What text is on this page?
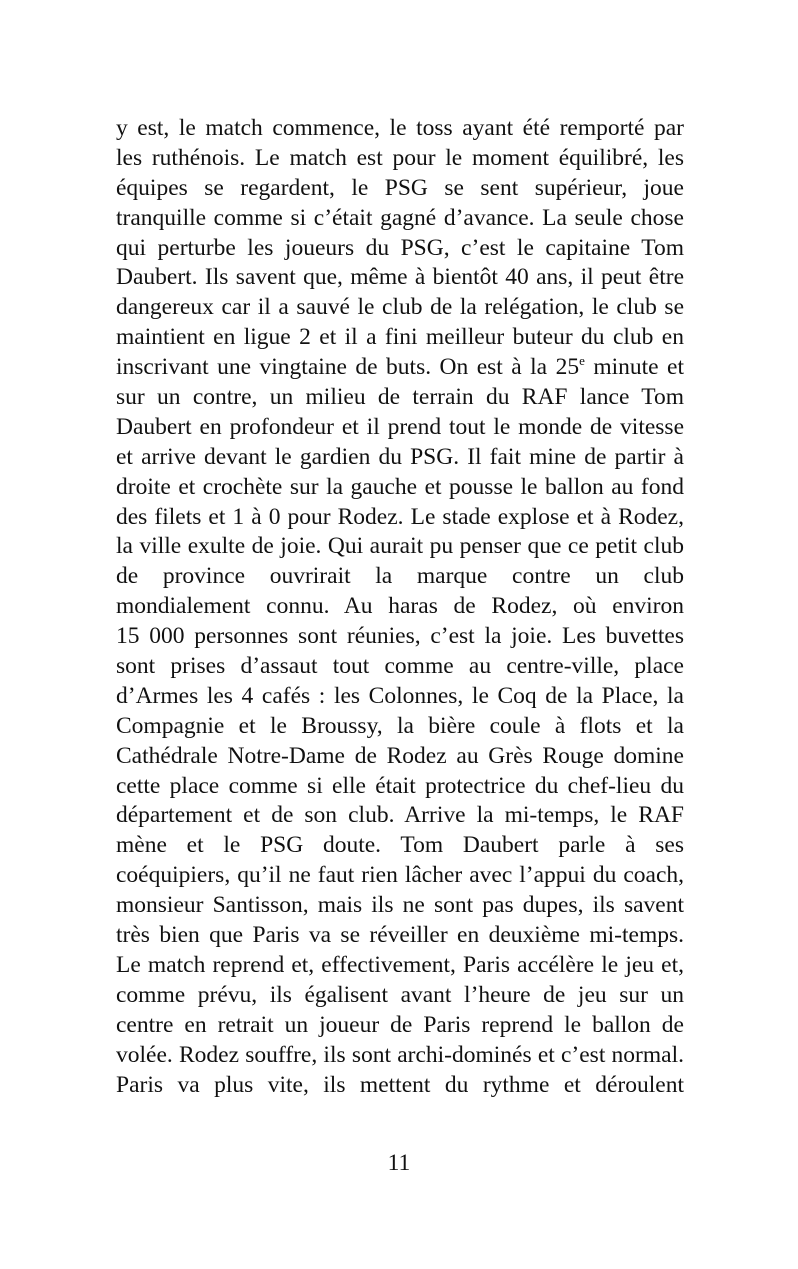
y est, le match commence, le toss ayant été remporté par
les ruthénois. Le match est pour le moment équilibré, les
équipes se regardent, le PSG se sent supérieur, joue
tranquille comme si c’était gagné d’avance. La seule chose
qui perturbe les joueurs du PSG, c’est le capitaine Tom
Daubert. Ils savent que, même à bientôt 40 ans, il peut être
dangereux car il a sauvé le club de la relégation, le club se
maintient en ligue 2 et il a fini meilleur buteur du club en
inscrivant une vingtaine de buts. On est à la 25e minute et
sur un contre, un milieu de terrain du RAF lance Tom
Daubert en profondeur et il prend tout le monde de vitesse
et arrive devant le gardien du PSG. Il fait mine de partir à
droite et crochète sur la gauche et pousse le ballon au fond
des filets et 1 à 0 pour Rodez. Le stade explose et à Rodez,
la ville exulte de joie. Qui aurait pu penser que ce petit club
de province ouvrirait la marque contre un club
mondialement connu. Au haras de Rodez, où environ
15 000 personnes sont réunies, c’est la joie. Les buvettes
sont prises d’assaut tout comme au centre-ville, place
d’Armes les 4 cafés : les Colonnes, le Coq de la Place, la
Compagnie et le Broussy, la bière coule à flots et la
Cathédrale Notre-Dame de Rodez au Grès Rouge domine
cette place comme si elle était protectrice du chef-lieu du
département et de son club. Arrive la mi-temps, le RAF
mène et le PSG doute. Tom Daubert parle à ses
coéquipiers, qu’il ne faut rien lâcher avec l’appui du coach,
monsieur Santisson, mais ils ne sont pas dupes, ils savent
très bien que Paris va se réveiller en deuxième mi-temps.
Le match reprend et, effectivement, Paris accélère le jeu et,
comme prévu, ils égalisent avant l’heure de jeu sur un
centre en retrait un joueur de Paris reprend le ballon de
volée. Rodez souffre, ils sont archi-dominés et c’est normal.
Paris va plus vite, ils mettent du rythme et déroulent
11
